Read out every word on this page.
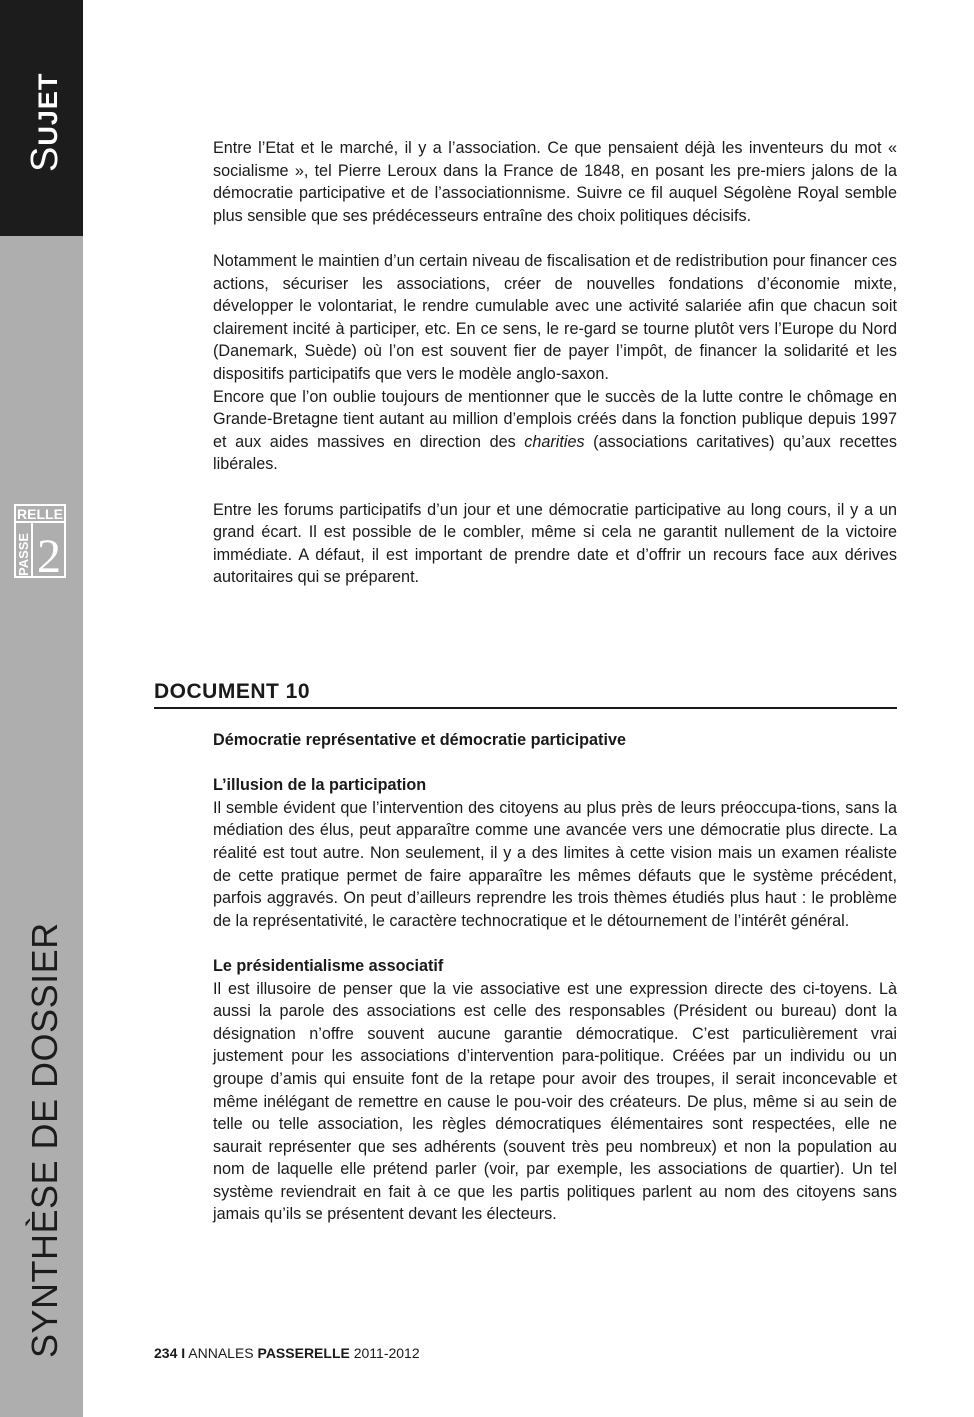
SUJET
RELLE
PASSE 2
SYNTHÈSE DE DOSSIER

Entre l’Etat et le marché, il y a l’association. Ce que pensaient déjà les inventeurs du mot « socialisme », tel Pierre Leroux dans la France de 1848, en posant les pre-miers jalons de la démocratie participative et de l’associationnisme. Suivre ce fil auquel Ségolène Royal semble plus sensible que ses prédécesseurs entraîne des choix politiques décisifs.

Notamment le maintien d’un certain niveau de fiscalisation et de redistribution pour financer ces actions, sécuriser les associations, créer de nouvelles fondations d’économie mixte, développer le volontariat, le rendre cumulable avec une activité salariée afin que chacun soit clairement incité à participer, etc. En ce sens, le re-gard se tourne plutôt vers l’Europe du Nord (Danemark, Suède) où l’on est souvent fier de payer l’impôt, de financer la solidarité et les dispositifs participatifs que vers le modèle anglo-saxon.

Encore que l’on oublie toujours de mentionner que le succès de la lutte contre le chômage en Grande-Bretagne tient autant au million d’emplois créés dans la fonction publique depuis 1997 et aux aides massives en direction des charities (associations caritatives) qu’aux recettes libérales.

Entre les forums participatifs d’un jour et une démocratie participative au long cours, il y a un grand écart. Il est possible de le combler, même si cela ne garantit nullement de la victoire immédiate. A défaut, il est important de prendre date et d’offrir un recours face aux dérives autoritaires qui se préparent.

DOCUMENT 10

Démocratie représentative et démocratie participative

L’illusion de la participation

Il semble évident que l’intervention des citoyens au plus près de leurs préoccupa-tions, sans la médiation des élus, peut apparaître comme une avancée vers une démocratie plus directe. La réalité est tout autre. Non seulement, il y a des limites à cette vision mais un examen réaliste de cette pratique permet de faire apparaître les mêmes défauts que le système précédent, parfois aggravés. On peut d’ailleurs reprendre les trois thèmes étudiés plus haut : le problème de la représentativité, le caractère technocratique et le détournement de l’intérêt général.

Le présidentialisme associatif

Il est illusoire de penser que la vie associative est une expression directe des ci-toyens. Là aussi la parole des associations est celle des responsables (Président ou bureau) dont la désignation n’offre souvent aucune garantie démocratique. C’est particulièrement vrai justement pour les associations d’intervention para-politique. Créées par un individu ou un groupe d’amis qui ensuite font de la retape pour avoir des troupes, il serait inconcevable et même inélégant de remettre en cause le pou-voir des créateurs. De plus, même si au sein de telle ou telle association, les règles démocratiques élémentaires sont respectées, elle ne saurait représenter que ses adhérents (souvent très peu nombreux) et non la population au nom de laquelle elle prétend parler (voir, par exemple, les associations de quartier). Un tel système reviendrait en fait à ce que les partis politiques parlent au nom des citoyens sans jamais qu’ils se présentent devant les électeurs.

234 I ANNALES PASSERELLE 2011-2012
